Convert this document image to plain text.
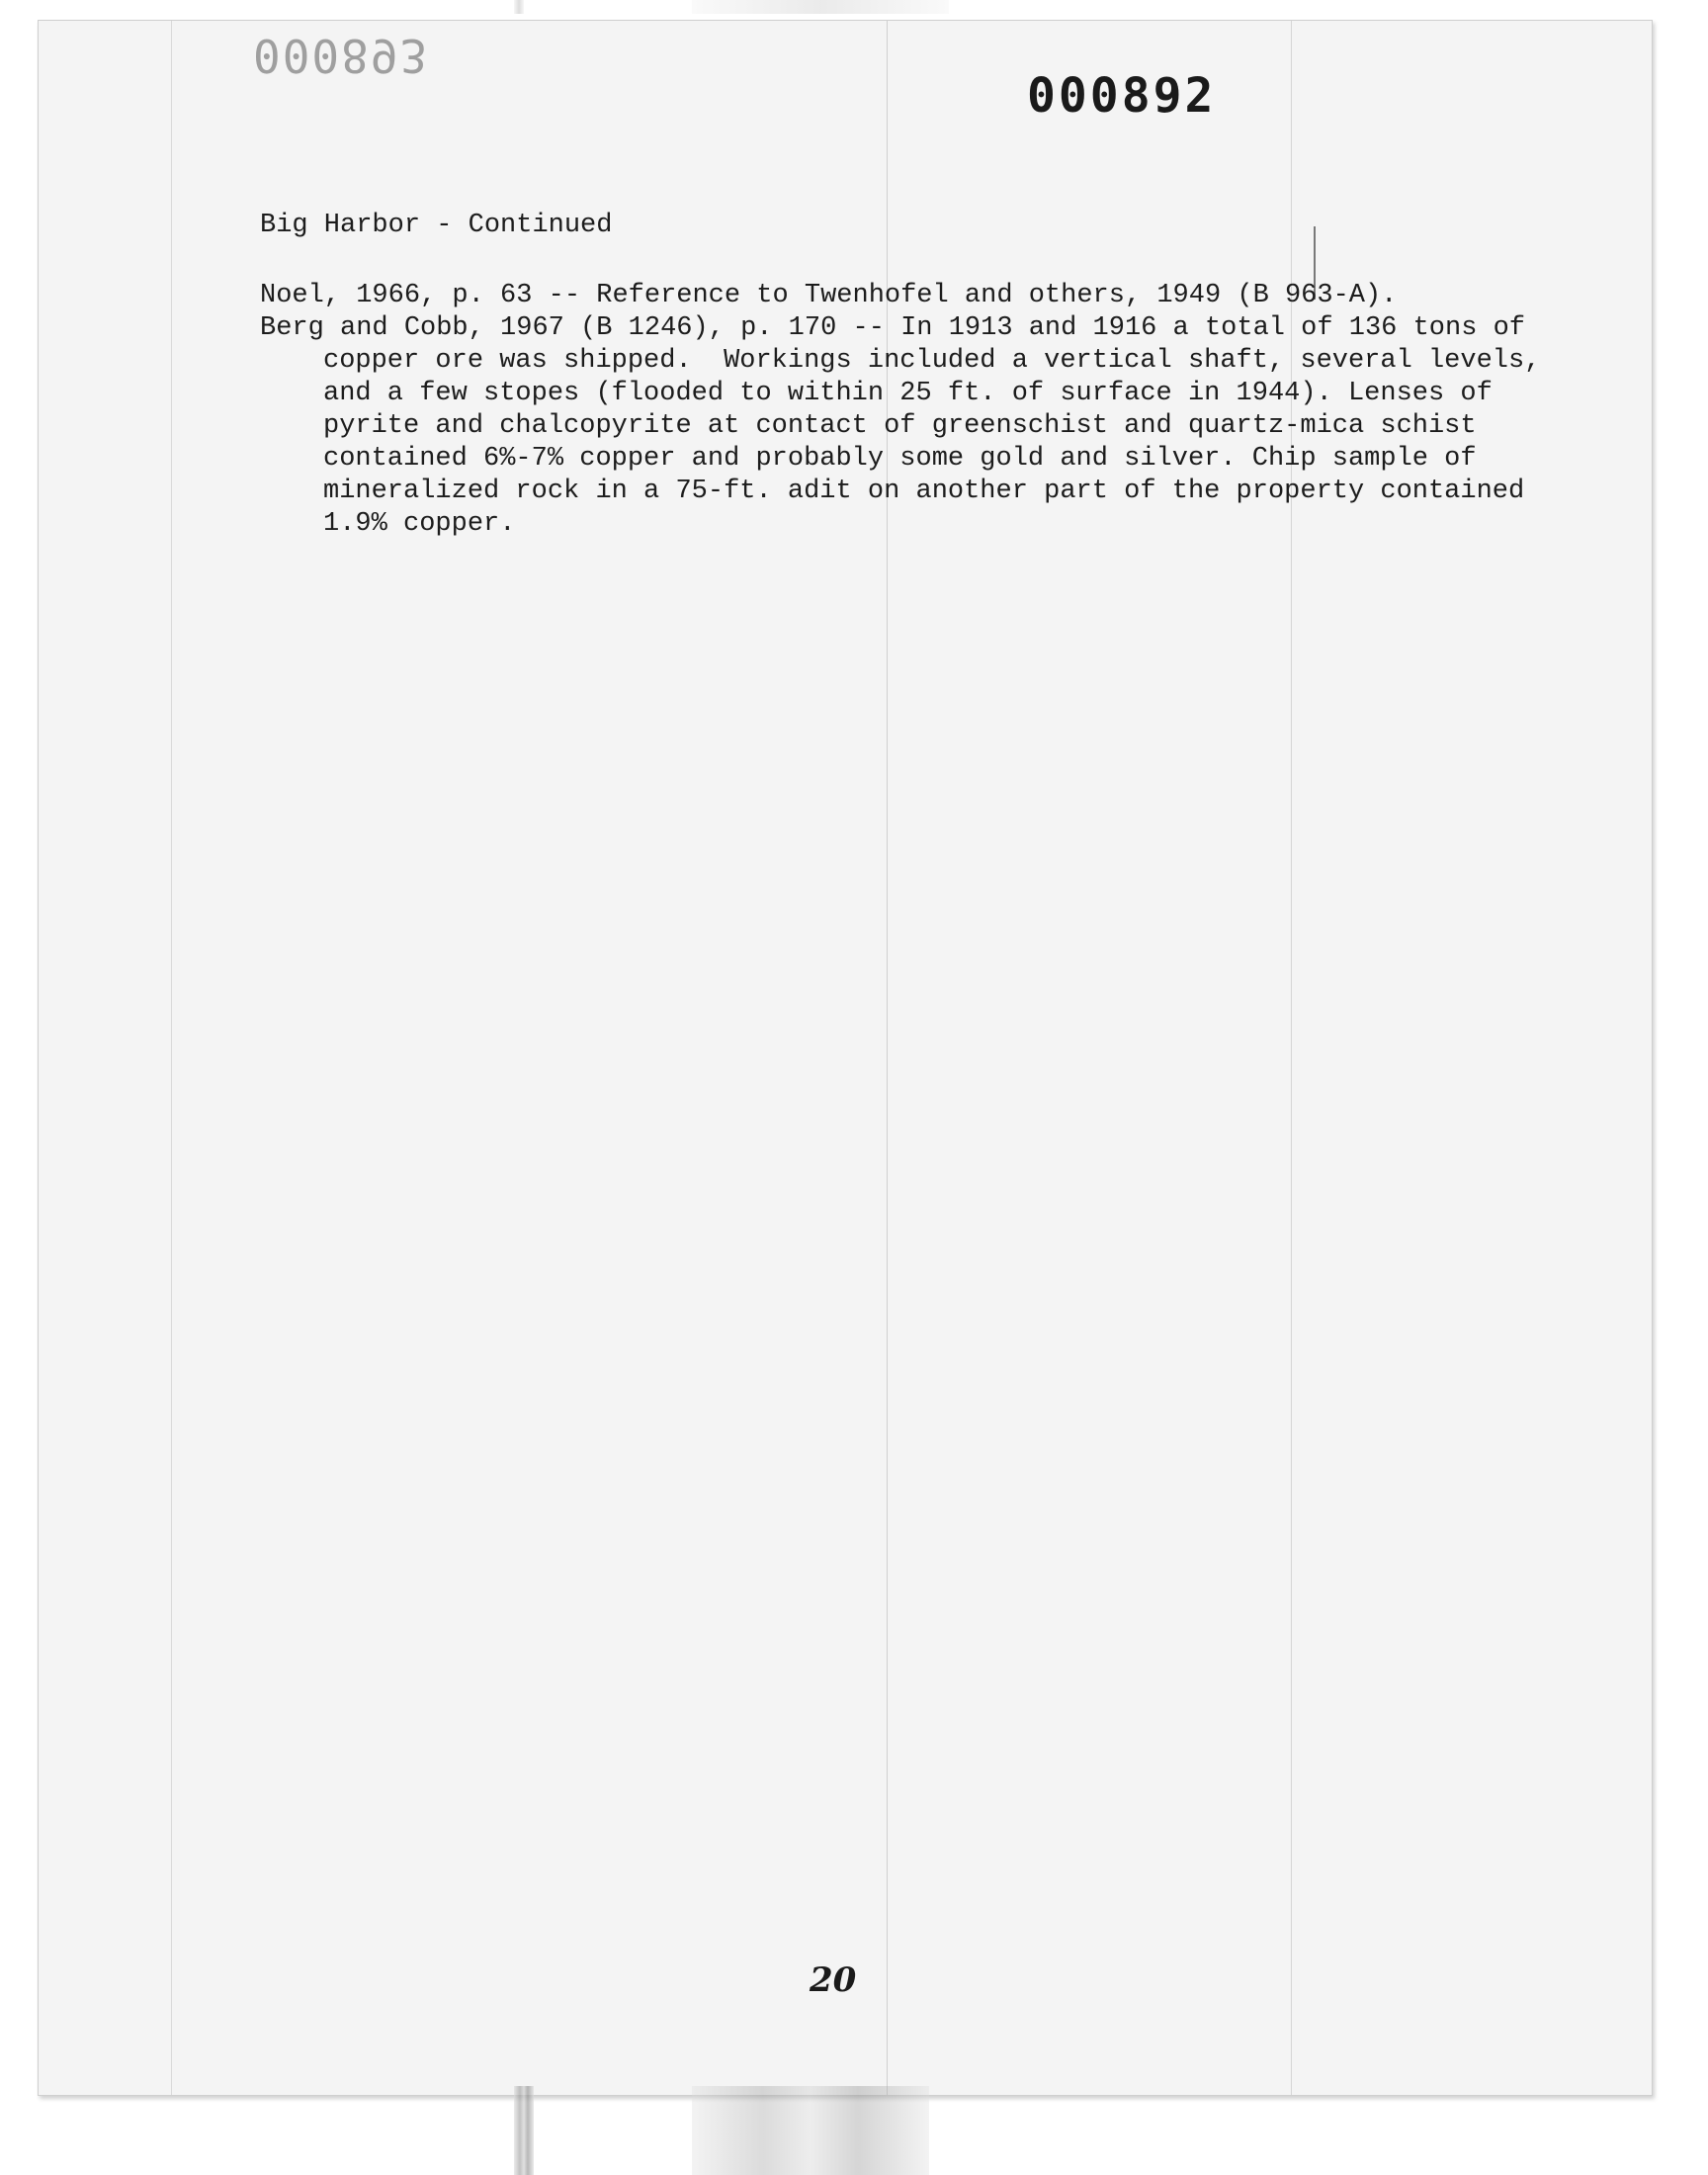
000893
000892
Big Harbor - Continued

Noel, 1966, p. 63 -- Reference to Twenhofel and others, 1949 (B 963-A).

Berg and Cobb, 1967 (B 1246), p. 170 -- In 1913 and 1916 a total of 136 tons of copper ore was shipped.  Workings included a vertical shaft, several levels, and a few stopes (flooded to within 25 ft. of surface in 1944). Lenses of pyrite and chalcopyrite at contact of greenschist and quartz-mica schist contained 6%-7% copper and probably some gold and silver. Chip sample of mineralized rock in a 75-ft. adit on another part of the property contained 1.9% copper.

20
